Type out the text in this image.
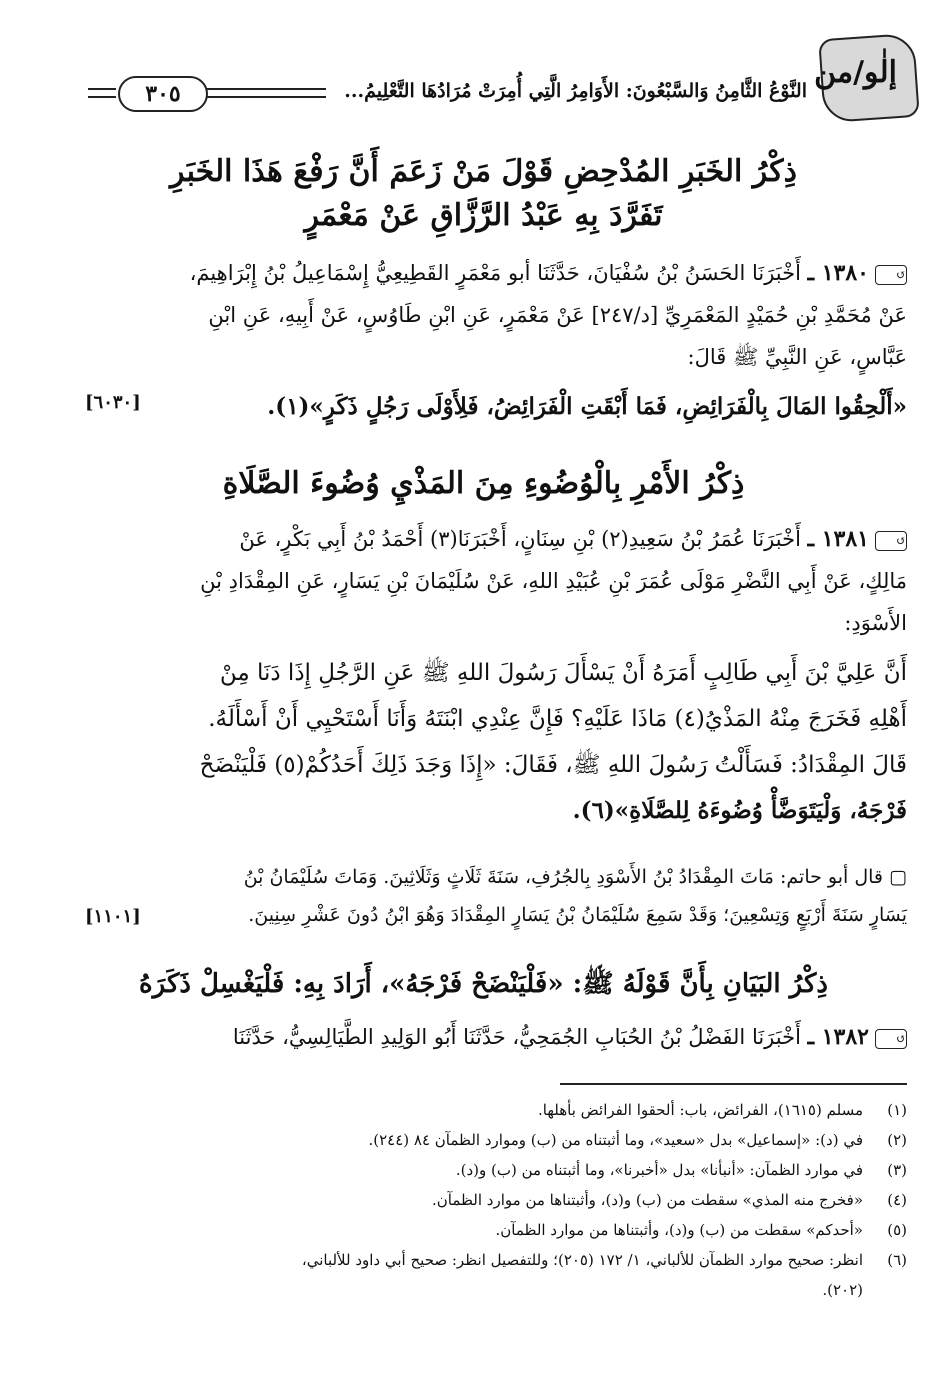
إلٰو/من
النَّوْعُ الثَّامِنُ وَالسَّبْعُونَ: الأَوَامِرُ الَّتِي أُمِرَتْ مُرَادُهَا التَّعْلِيمُ...
٣٠٥
ذِكْرُ الخَبَرِ المُدْحِضِ قَوْلَ مَنْ زَعَمَ أَنَّ رَفْعَ هَذَا الخَبَرِ
تَفَرَّدَ بِهِ عَبْدُ الرَّزَّاقِ عَنْ مَعْمَرٍ
↺١٣٨٠ ـ أَخْبَرَنَا الحَسَنُ بْنُ سُفْيَانَ، حَدَّثَنَا أبو مَعْمَرٍ القَطِيعِيُّ إِسْمَاعِيلُ بْنُ إِبْرَاهِيمَ،
عَنْ مُحَمَّدِ بْنِ حُمَيْدٍ المَعْمَرِيِّ [د/٢٤٧] عَنْ مَعْمَرٍ، عَنِ ابْنِ طَاوُسٍ، عَنْ أَبِيهِ، عَنِ ابْنِ
عَبَّاسٍ، عَنِ النَّبِيِّ ﷺ قَالَ:
«أَلْحِقُوا المَالَ بِالْفَرَائِضِ، فَمَا أَبْقَتِ الْفَرَائِضُ، فَلِأَوْلَى رَجُلٍ ذَكَرٍ»(١).
[٦٠٣٠]
ذِكْرُ الأَمْرِ بِالْوُضُوءِ مِنَ المَذْيِ وُضُوءَ الصَّلَاةِ
↺١٣٨١ ـ أَخْبَرَنَا عُمَرُ بْنُ سَعِيدِ(٢) بْنِ سِنَانٍ، أَخْبَرَنَا(٣) أَحْمَدُ بْنُ أَبِي بَكْرٍ، عَنْ
مَالِكٍ، عَنْ أَبِي النَّضْرِ مَوْلَى عُمَرَ بْنِ عُبَيْدِ اللهِ، عَنْ سُلَيْمَانَ بْنِ يَسَارٍ، عَنِ المِقْدَادِ بْنِ
الأَسْوَدِ:
أَنَّ عَلِيَّ بْنَ أَبِي طَالِبٍ أَمَرَهُ أَنْ يَسْأَلَ رَسُولَ اللهِ ﷺ عَنِ الرَّجُلِ إِذَا دَنَا مِنْ
أَهْلِهِ فَخَرَجَ مِنْهُ المَذْيُ(٤) مَاذَا عَلَيْهِ؟ فَإِنَّ عِنْدِي ابْنَتَهُ وَأَنَا أَسْتَحْيِي أَنْ أَسْأَلَهُ.
قَالَ المِقْدَادُ: فَسَأَلْتُ رَسُولَ اللهِ ﷺ، فَقَالَ: «إِذَا وَجَدَ ذَلِكَ أَحَدُكُمْ(٥) فَلْيَنْضَحْ
فَرْجَهُ، وَلْيَتَوَضَّأْ وُضُوءَهُ لِلصَّلَاةِ»(٦).
▢ قال أبو حاتم: مَاتَ المِقْدَادُ بْنُ الأَسْوَدِ بِالجُرُفِ، سَنَةَ ثَلَاثٍ وَثَلَاثِينَ. وَمَاتَ سُلَيْمَانُ بْنُ
يَسَارٍ سَنَةَ أَرْبَعٍ وَتِسْعِينَ؛ وَقَدْ سَمِعَ سُلَيْمَانُ بْنُ يَسَارٍ المِقْدَادَ وَهُوَ ابْنُ دُونَ عَشْرِ سِنِينَ.
[١١٠١]
ذِكْرُ البَيَانِ بِأَنَّ قَوْلَهُ ﷺ: «فَلْيَنْضَحْ فَرْجَهُ»، أَرَادَ بِهِ: فَلْيَغْسِلْ ذَكَرَهُ
↺١٣٨٢ ـ أَخْبَرَنَا الفَضْلُ بْنُ الحُبَابِ الجُمَحِيُّ، حَدَّثَنَا أَبُو الوَلِيدِ الطَّيَالِسِيُّ، حَدَّثَنَا
(١)مسلم (١٦١٥)، الفرائض، باب: ألحقوا الفرائض بأهلها.
(٢)في (د): «إسماعيل» بدل «سعيد»، وما أثبتناه من (ب) وموارد الظمآن ٨٤ (٢٤٤).
(٣)في موارد الظمآن: «أنبأنا» بدل «أخبرنا»، وما أثبتناه من (ب) و(د).
(٤)«فخرج منه المذي» سقطت من (ب) و(د)، وأثبتناها من موارد الظمآن.
(٥)«أحدكم» سقطت من (ب) و(د)، وأثبتناها من موارد الظمآن.
(٦)انظر: صحيح موارد الظمآن للألباني، ١/ ١٧٢ (٢٠٥)؛ وللتفصيل انظر: صحيح أبي داود للألباني،
(٢٠٢).
